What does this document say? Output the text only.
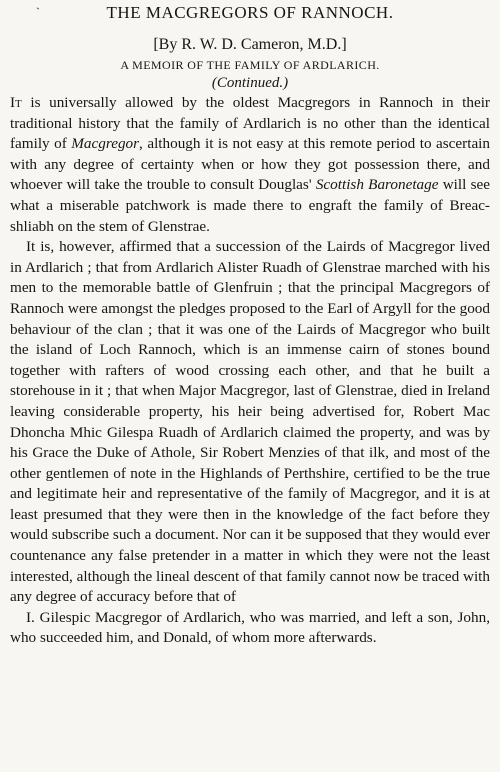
`	THE MACGREGORS OF RANNOCH.
[By R. W. D. Cameron, M.D.]
A MEMOIR OF THE FAMILY OF ARDLARICH.
(Continued.)

It is universally allowed by the oldest Macgregors in Rannoch in their traditional history that the family of Ardlarich is no other than the identical family of Macgregor, although it is not easy at this remote period to ascertain with any degree of certainty when or how they got possession there, and whoever will take the trouble to consult Douglas' Scottish Baronetage will see what a miserable patchwork is made there to engraft the family of Breac-shliabh on the stem of Glenstrae.

It is, however, affirmed that a succession of the Lairds of Macgregor lived in Ardlarich ; that from Ardlarich Alister Ruadh of Glenstrae marched with his men to the memorable battle of Glenfruin ; that the principal Macgregors of Rannoch were amongst the pledges proposed to the Earl of Argyll for the good behaviour of the clan ; that it was one of the Lairds of Macgregor who built the island of Loch Rannoch, which is an immense cairn of stones bound together with rafters of wood crossing each other, and that he built a storehouse in it ; that when Major Macgregor, last of Glenstrae, died in Ireland leaving considerable property, his heir being advertised for, Robert Mac Dhoncha Mhic Gilespa Ruadh of Ardlarich claimed the property, and was by his Grace the Duke of Athole, Sir Robert Menzies of that ilk, and most of the other gentlemen of note in the Highlands of Perthshire, certified to be the true and legitimate heir and representative of the family of Macgregor, and it is at least presumed that they were then in the knowledge of the fact before they would subscribe such a document. Nor can it be supposed that they would ever countenance any false pretender in a matter in which they were not the least interested, although the lineal descent of that family cannot now be traced with any degree of accuracy before that of

I. Gilespic Macgregor of Ardlarich, who was married, and left a son, John, who succeeded him, and Donald, of whom more afterwards.
